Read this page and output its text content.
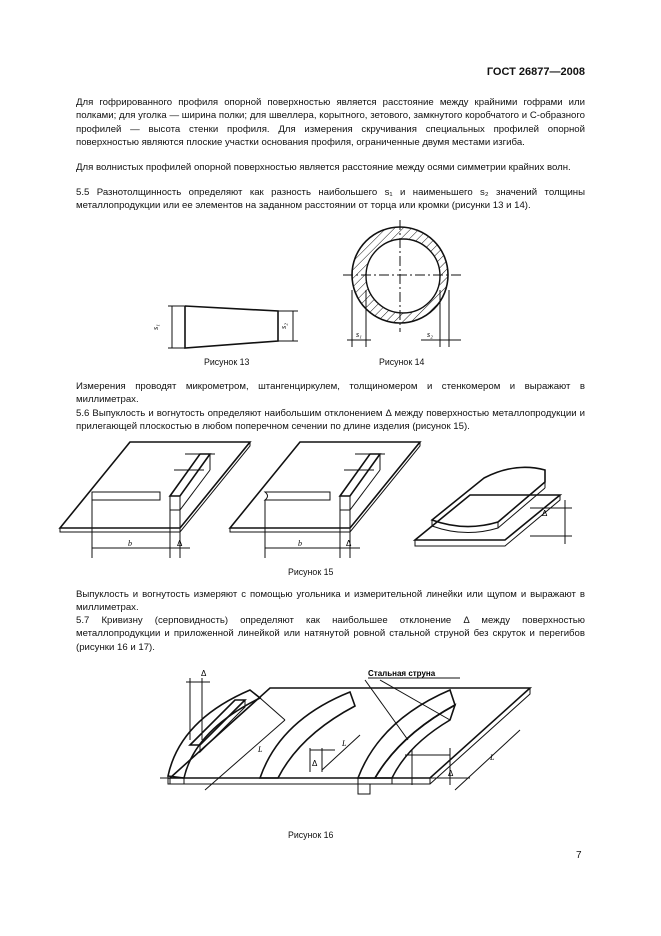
ГОСТ 26877—2008
Для гофрированного профиля опорной поверхностью является расстояние между крайними гофрами или полками; для уголка — ширина полки; для швеллера, корытного, зетового, замкнутого коробчатого и С-образного профилей — высота стенки профиля. Для измерения скручивания специальных профилей опорной поверхностью являются плоские участки основания профиля, ограниченные двумя местами изгиба.
Для волнистых профилей опорной поверхностью является расстояние между осями симметрии крайних волн.
5.5 Разнотолщинность определяют как разность наибольшего s₁ и наименьшего s₂ значений толщины металлопродукции или ее элементов на заданном расстоянии от торца или кромки (рисунки 13 и 14).
s₁	s₂
Рисунок 13
s₁	s₂
Рисунок 14
Измерения проводят микрометром, штангенциркулем, толщиномером и стенкомером и выражают в миллиметрах.
5.6 Выпуклость и вогнутость определяют наибольшим отклонением Δ между поверхностью металлопродукции и прилегающей плоскостью в любом поперечном сечении по длине изделия (рисунок 15).
b	Δ	b	Δ
Δ
Рисунок 15
Выпуклость и вогнутость измеряют с помощью угольника и измерительной линейки или щупом и выражают в миллиметрах.
5.7 Кривизну (серповидность) определяют как наибольшее отклонение Δ между поверхностью металлопродукции и приложенной линейкой или натянутой ровной стальной струной без скруток и перегибов (рисунки 16 и 17).
Δ
L
Δ
L
Δ
L
Стальная струна
Рисунок 16
7
